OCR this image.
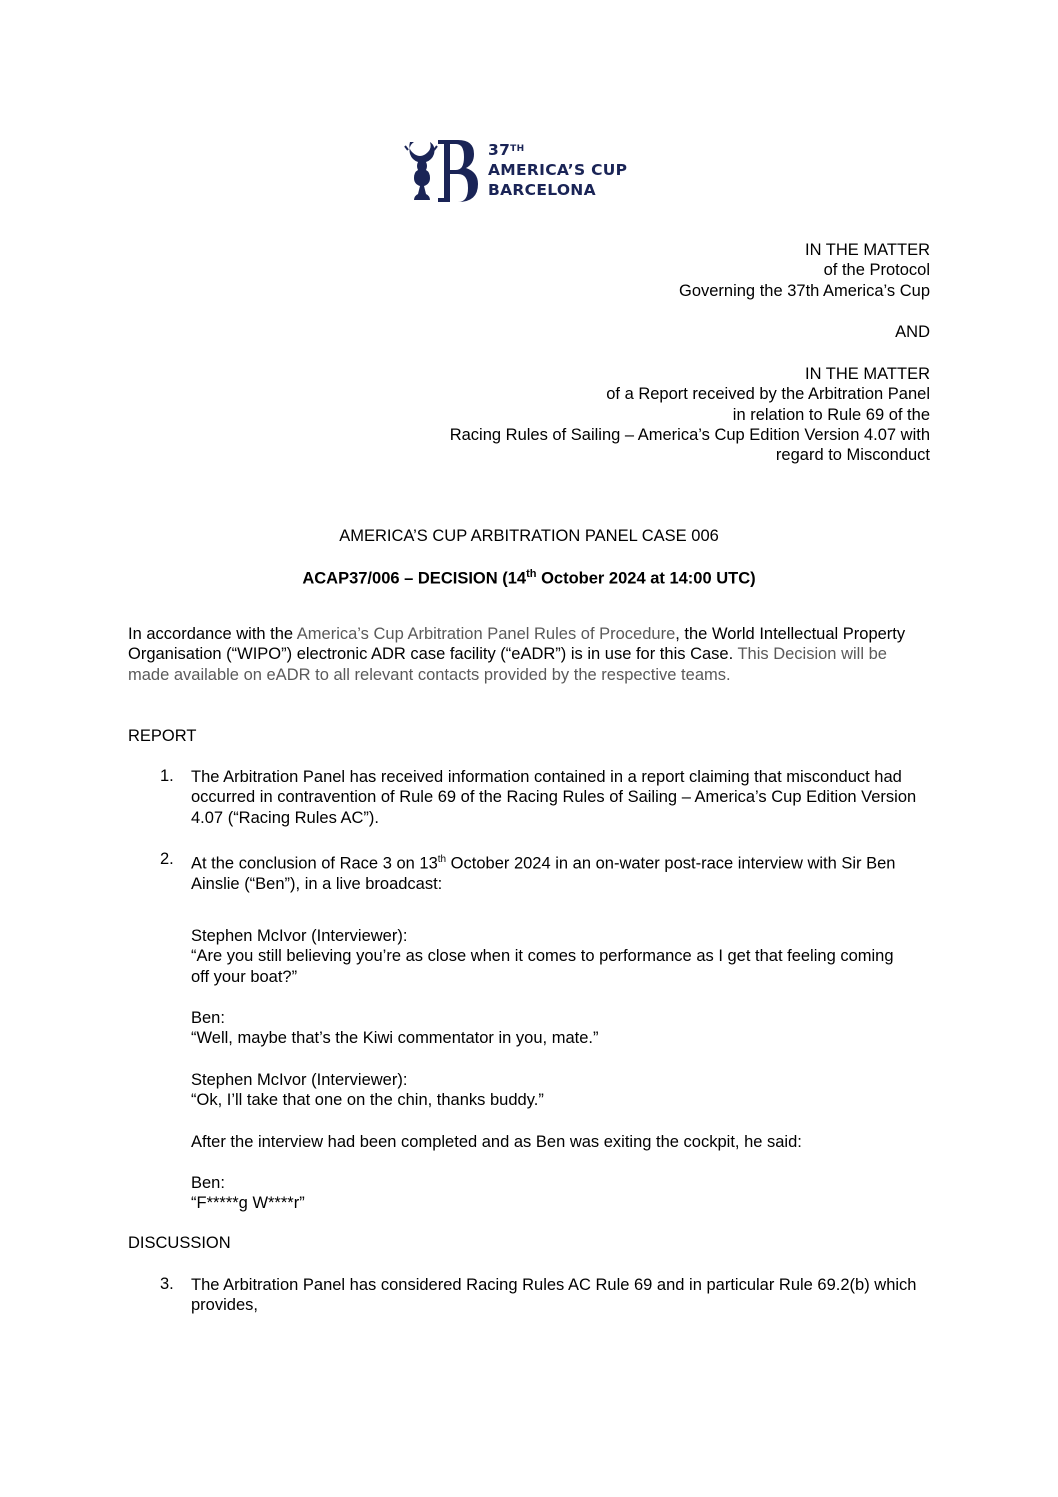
37TH
AMERICA’S CUP
BARCELONA
IN THE MATTER
of the Protocol
Governing the 37th America’s Cup
AND
IN THE MATTER
of a Report received by the Arbitration Panel
in relation to Rule 69 of the
Racing Rules of Sailing – America’s Cup Edition Version 4.07 with
regard to Misconduct
AMERICA’S CUP ARBITRATION PANEL CASE 006
ACAP37/006 – DECISION (14th October 2024 at 14:00 UTC)
In accordance with the America’s Cup Arbitration Panel Rules of Procedure, the World Intellectual Property Organisation (“WIPO”) electronic ADR case facility (“eADR”) is in use for this Case. This Decision will be made available on eADR to all relevant contacts provided by the respective teams.
REPORT
1. The Arbitration Panel has received information contained in a report claiming that misconduct had occurred in contravention of Rule 69 of the Racing Rules of Sailing – America’s Cup Edition Version 4.07 (“Racing Rules AC”).
2. At the conclusion of Race 3 on 13th October 2024 in an on-water post-race interview with Sir Ben Ainslie (“Ben”), in a live broadcast:
Stephen McIvor (Interviewer):
“Are you still believing you’re as close when it comes to performance as I get that feeling coming off your boat?”
Ben:
“Well, maybe that’s the Kiwi commentator in you, mate.”
Stephen McIvor (Interviewer):
“Ok, I’ll take that one on the chin, thanks buddy.”
After the interview had been completed and as Ben was exiting the cockpit, he said:
Ben:
“F*****g W****r”
DISCUSSION
3. The Arbitration Panel has considered Racing Rules AC Rule 69 and in particular Rule 69.2(b) which provides,
